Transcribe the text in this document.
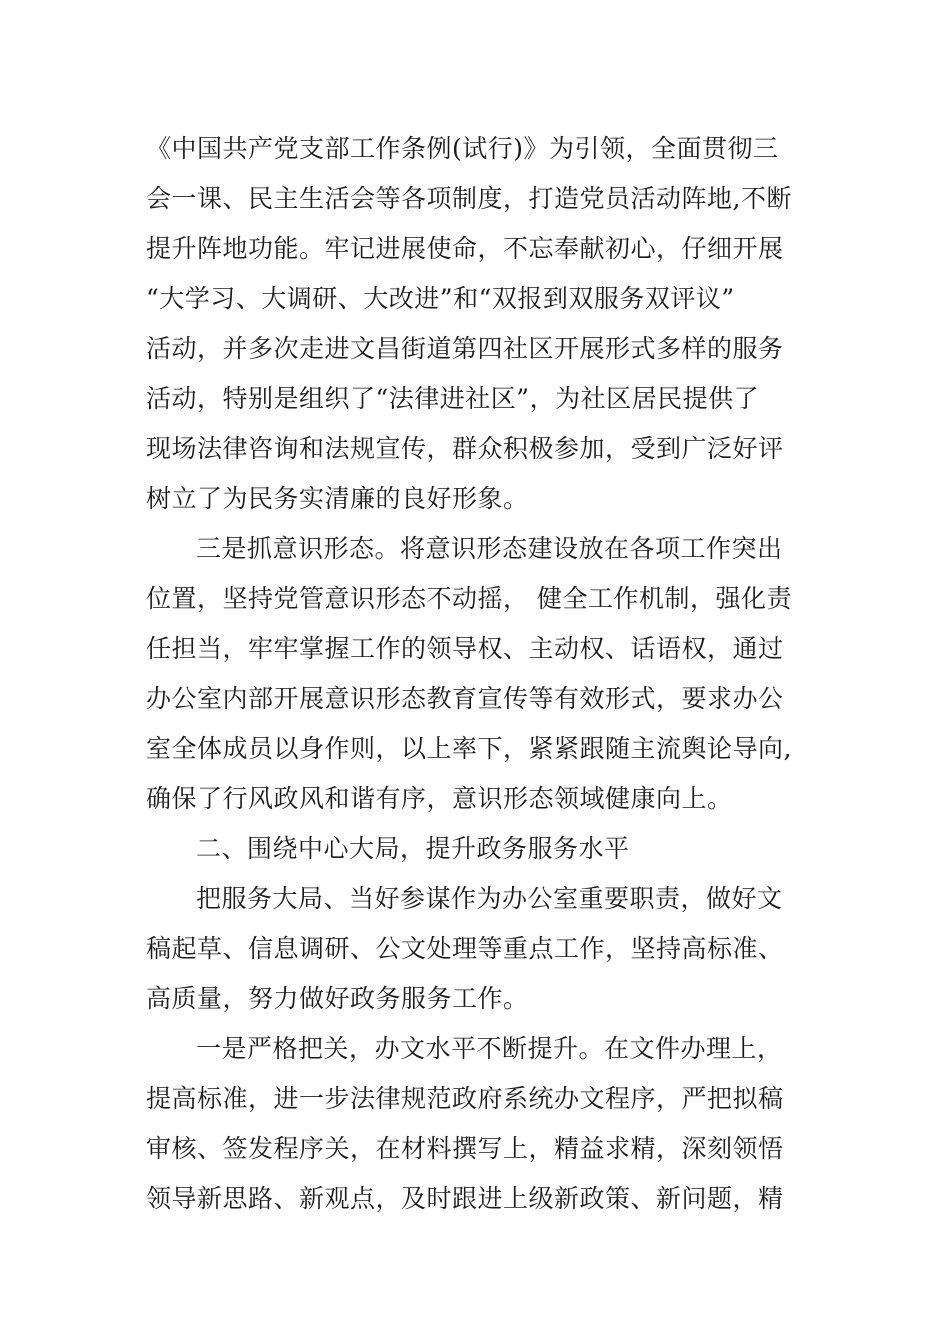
《中国共产党支部工作条例(试行)》为引领，全面贯彻三
会一课、民主生活会等各项制度，打造党员活动阵地,不断
提升阵地功能。牢记进展使命，不忘奉献初心，仔细开展
“大学习、大调研、大改进”和“双报到双服务双评议”
活动，并多次走进文昌街道第四社区开展形式多样的服务
活动，特别是组织了“法律进社区”，为社区居民提供了
现场法律咨询和法规宣传，群众积极参加，受到广泛好评
树立了为民务实清廉的良好形象。
三是抓意识形态。将意识形态建设放在各项工作突出
位置，坚持党管意识形态不动摇， 健全工作机制，强化责
任担当，牢牢掌握工作的领导权、主动权、话语权，通过
办公室内部开展意识形态教育宣传等有效形式，要求办公
室全体成员以身作则，以上率下，紧紧跟随主流舆论导向,
确保了行风政风和谐有序，意识形态领域健康向上。
二、围绕中心大局，提升政务服务水平
把服务大局、当好参谋作为办公室重要职责，做好文
稿起草、信息调研、公文处理等重点工作，坚持高标准、
高质量，努力做好政务服务工作。
一是严格把关，办文水平不断提升。在文件办理上，
提高标准，进一步法律规范政府系统办文程序，严把拟稿
审核、签发程序关，在材料撰写上，精益求精，深刻领悟
领导新思路、新观点，及时跟进上级新政策、新问题，精
